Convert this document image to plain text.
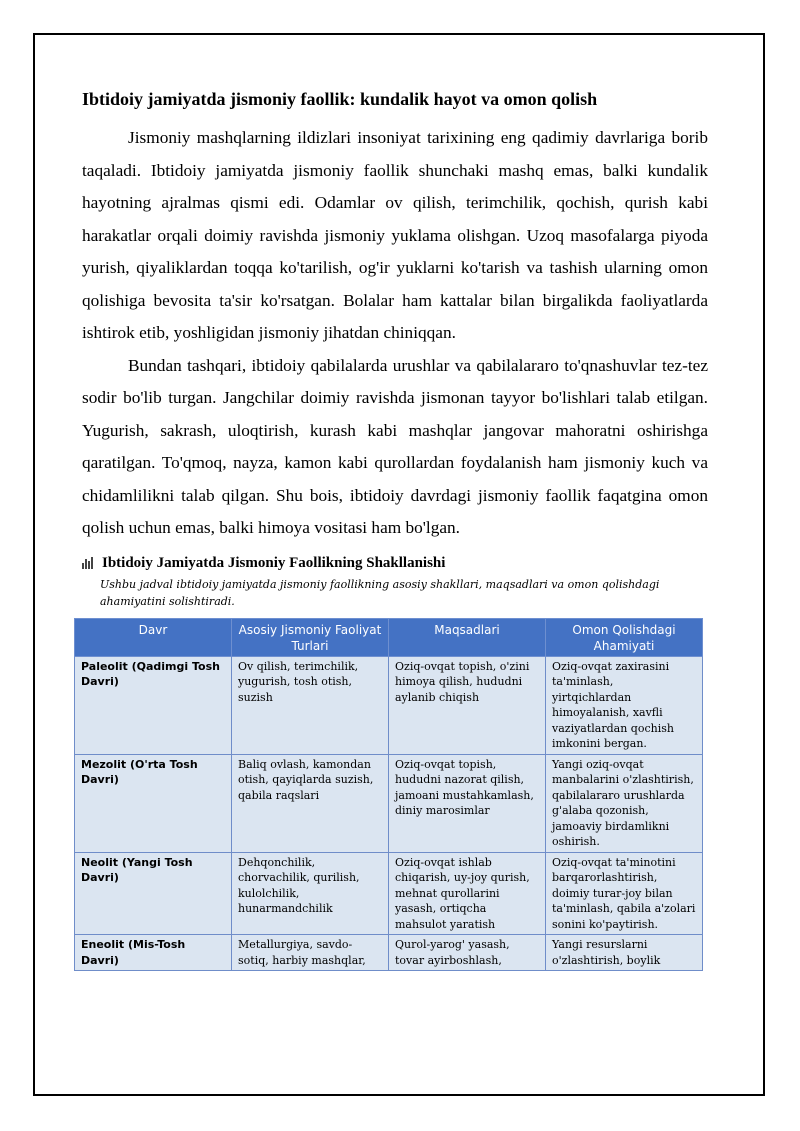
Ibtidoiy jamiyatda jismoniy faollik: kundalik hayot va omon qolish

Jismoniy mashqlarning ildizlari insoniyat tarixining eng qadimiy davrlariga borib taqaladi. Ibtidoiy jamiyatda jismoniy faollik shunchaki mashq emas, balki kundalik hayotning ajralmas qismi edi. Odamlar ov qilish, terimchilik, qochish, qurish kabi harakatlar orqali doimiy ravishda jismoniy yuklama olishgan. Uzoq masofalarga piyoda yurish, qiyaliklardan toqqa ko'tarilish, og'ir yuklarni ko'tarish va tashish ularning omon qolishiga bevosita ta'sir ko'rsatgan. Bolalar ham kattalar bilan birgalikda faoliyatlarda ishtirok etib, yoshligidan jismoniy jihatdan chiniqqan.

Bundan tashqari, ibtidoiy qabilalarda urushlar va qabilalararo to'qnashuvlar tez-tez sodir bo'lib turgan. Jangchilar doimiy ravishda jismonan tayyor bo'lishlari talab etilgan. Yugurish, sakrash, uloqtirish, kurash kabi mashqlar jangovar mahoratni oshirishga qaratilgan. To'qmoq, nayza, kamon kabi qurollardan foydalanish ham jismoniy kuch va chidamlilikni talab qilgan. Shu bois, ibtidoiy davrdagi jismoniy faollik faqatgina omon qolish uchun emas, balki himoya vositasi ham bo'lgan.

Ibtidoiy Jamiyatda Jismoniy Faollikning Shakllanishi

Ushbu jadval ibtidoiy jamiyatda jismoniy faollikning asosiy shakllari, maqsadlari va omon qolishdagi ahamiyatini solishtiradi.

Davr	Asosiy Jismoniy Faoliyat Turlari	Maqsadlari	Omon Qolishdagi Ahamiyati
Paleolit (Qadimgi Tosh Davri)	Ov qilish, terimchilik, yugurish, tosh otish, suzish	Oziq-ovqat topish, o'zini himoya qilish, hududni aylanib chiqish	Oziq-ovqat zaxirasini ta'minlash, yirtqichlardan himoyalanish, xavfli vaziyatlardan qochish imkonini bergan.
Mezolit (O'rta Tosh Davri)	Baliq ovlash, kamondan otish, qayiqlarda suzish, qabila raqslari	Oziq-ovqat topish, hududni nazorat qilish, jamoani mustahkamlash, diniy marosimlar	Yangi oziq-ovqat manbalarini o'zlashtirish, qabilalararo urushlarda g'alaba qozonish, jamoaviy birdamlikni oshirish.
Neolit (Yangi Tosh Davri)	Dehqonchilik, chorvachilik, qurilish, kulolchilik, hunarmandchilik	Oziq-ovqat ishlab chiqarish, uy-joy qurish, mehnat qurollarini yasash, ortiqcha mahsulot yaratish	Oziq-ovqat ta'minotini barqarorlashtirish, doimiy turar-joy bilan ta'minlash, qabila a'zolari sonini ko'paytirish.
Eneolit (Mis-Tosh Davri)	Metallurgiya, savdo-sotiq, harbiy mashqlar,	Qurol-yarog' yasash, tovar ayirboshlash,	Yangi resurslarni o'zlashtirish, boylik
